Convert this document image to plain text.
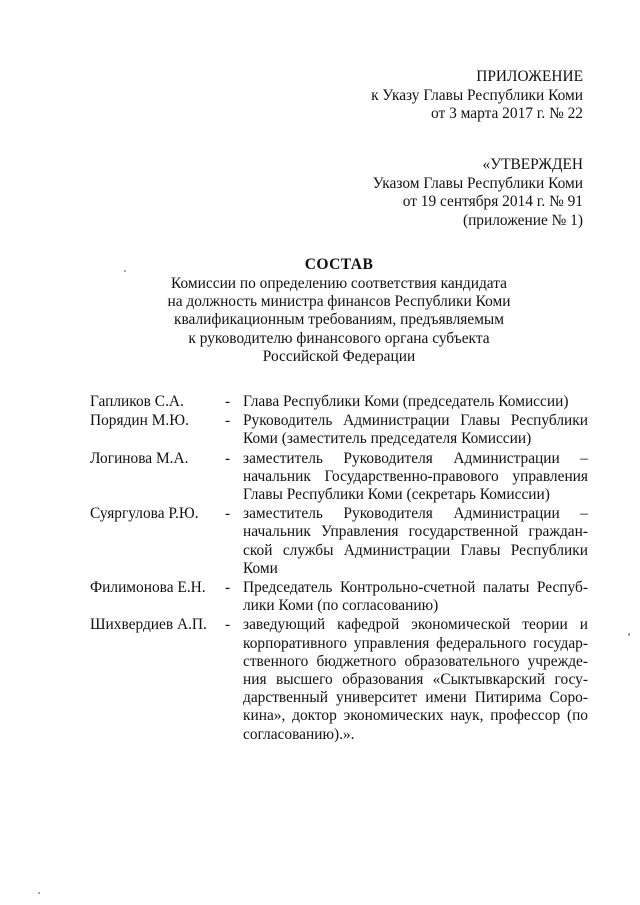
ПРИЛОЖЕНИЕ
к Указу Главы Республики Коми
от 3 марта 2017 г. № 22
«УТВЕРЖДЕН
Указом Главы Республики Коми
от 19 сентября 2014 г. № 91
(приложение № 1)
СОСТАВ
Комиссии по определению соответствия кандидата
на должность министра финансов Республики Коми
квалификационным требованиям, предъявляемым
к руководителю финансового органа субъекта
Российской Федерации
Гапликов С.А.	- Глава Республики Коми (председатель Комиссии)
Порядин М.Ю.	- Руководитель Администрации Главы Республики
Коми (заместитель председателя Комиссии)
Логинова М.А.	- заместитель Руководителя Администрации –
начальник Государственно-правового управления
Главы Республики Коми (секретарь Комиссии)
Суяргулова Р.Ю.	- заместитель Руководителя Администрации –
начальник Управления государственной граждан-
ской службы Администрации Главы Республики
Коми
Филимонова Е.Н.	- Председатель Контрольно-счетной палаты Респуб-
лики Коми (по согласованию)
Шихвердиев А.П.	- заведующий кафедрой экономической теории и
корпоративного управления федерального государ-
ственного бюджетного образовательного учрежде-
ния высшего образования «Сыктывкарский госу-
дарственный университет имени Питирима Соро-
кина», доктор экономических наук, профессор (по
согласованию).».
